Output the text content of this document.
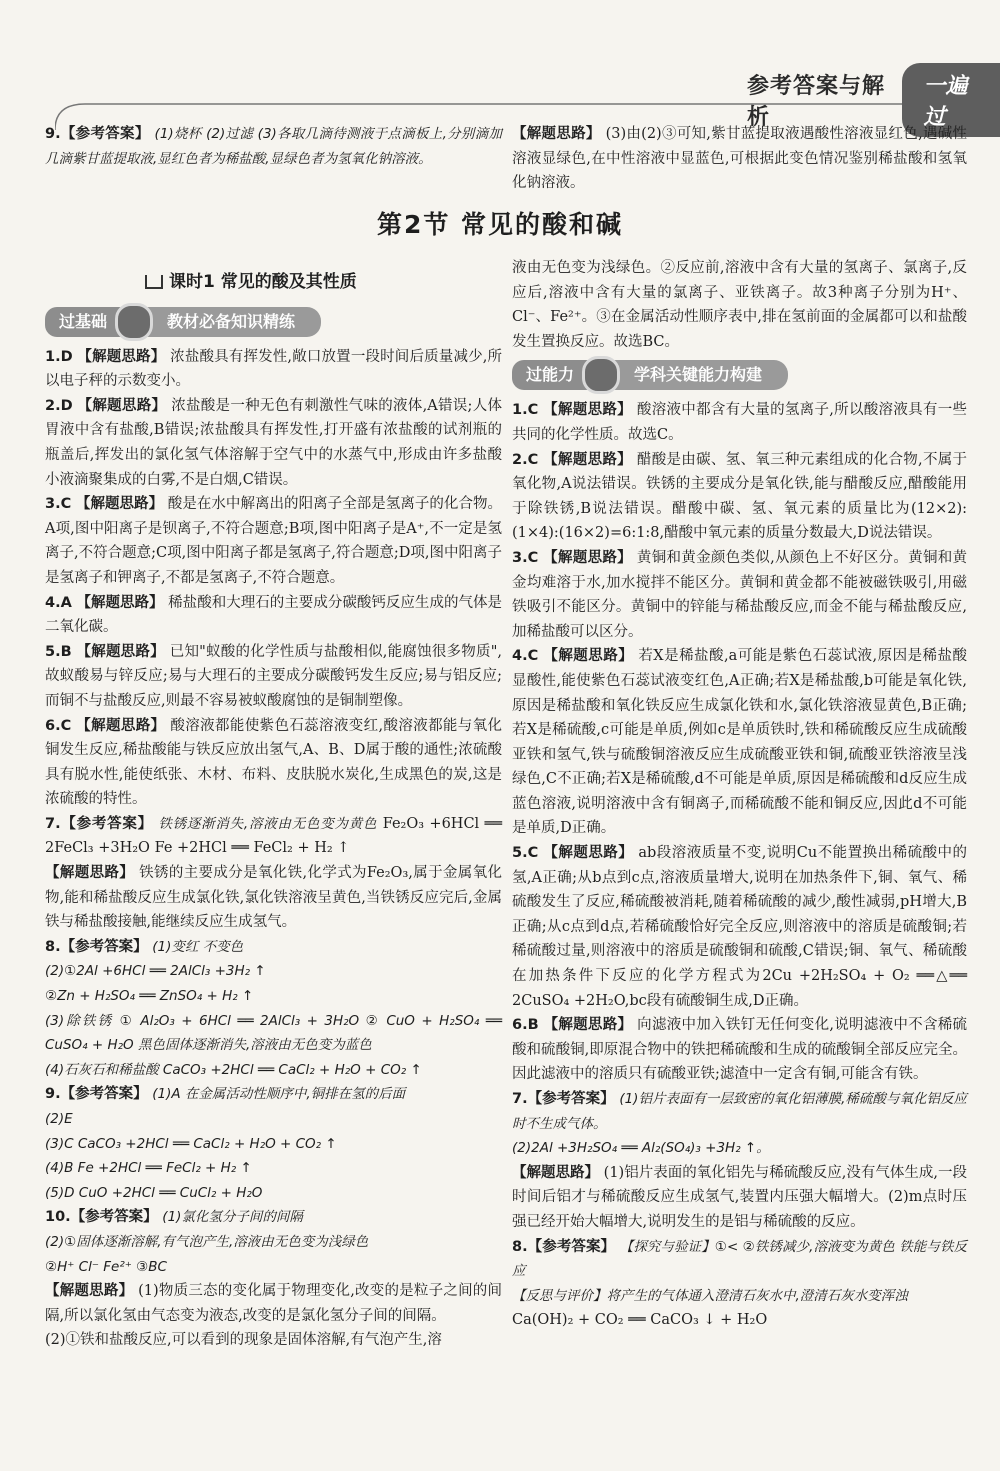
参考答案与解析
一遍过

9.【参考答案】 (1)烧杯 (2)过滤 (3)各取几滴待测液于点滴板上,分别滴加几滴紫甘蓝提取液,显红色者为稀盐酸,显绿色者为氢氧化钠溶液。

【解题思路】 (3)由(2)③可知,紫甘蓝提取液遇酸性溶液显红色,遇碱性溶液显绿色,在中性溶液中显蓝色,可根据此变色情况鉴别稀盐酸和氢氧化钠溶液。

第2节 常见的酸和碱
课时1 常见的酸及其性质
过基础	教材必备知识精练

1.D 【解题思路】 浓盐酸具有挥发性,敞口放置一段时间后质量减少,所以电子秤的示数变小。

2.D 【解题思路】 浓盐酸是一种无色有刺激性气味的液体,A错误;人体胃液中含有盐酸,B错误;浓盐酸具有挥发性,打开盛有浓盐酸的试剂瓶的瓶盖后,挥发出的氯化氢气体溶解于空气中的水蒸气中,形成由许多盐酸小液滴聚集成的白雾,不是白烟,C错误。

3.C 【解题思路】 酸是在水中解离出的阳离子全部是氢离子的化合物。A项,图中阳离子是钡离子,不符合题意;B项,图中阳离子是A⁺,不一定是氢离子,不符合题意;C项,图中阳离子都是氢离子,符合题意;D项,图中阳离子是氢离子和钾离子,不都是氢离子,不符合题意。

4.A 【解题思路】 稀盐酸和大理石的主要成分碳酸钙反应生成的气体是二氧化碳。

5.B 【解题思路】 已知"蚁酸的化学性质与盐酸相似,能腐蚀很多物质",故蚁酸易与锌反应;易与大理石的主要成分碳酸钙发生反应;易与铝反应;而铜不与盐酸反应,则最不容易被蚁酸腐蚀的是铜制塑像。

6.C 【解题思路】 酸溶液都能使紫色石蕊溶液变红,酸溶液都能与氧化铜发生反应,稀盐酸能与铁反应放出氢气,A、B、D属于酸的通性;浓硫酸具有脱水性,能使纸张、木材、布料、皮肤脱水炭化,生成黑色的炭,这是浓硫酸的特性。

7.【参考答案】 铁锈逐渐消失,溶液由无色变为黄色 Fe₂O₃ +6HCl ══ 2FeCl₃ +3H₂O Fe +2HCl ══ FeCl₂ + H₂ ↑
【解题思路】 铁锈的主要成分是氧化铁,化学式为Fe₂O₃,属于金属氧化物,能和稀盐酸反应生成氯化铁,氯化铁溶液呈黄色,当铁锈反应完后,金属铁与稀盐酸接触,能继续反应生成氢气。

8.【参考答案】 (1)变红 不变色
(2)①2Al +6HCl ══ 2AlCl₃ +3H₂ ↑
②Zn + H₂SO₄ ══ ZnSO₄ + H₂ ↑
(3)除铁锈 ① Al₂O₃ + 6HCl ══ 2AlCl₃ + 3H₂O ② CuO + H₂SO₄ ══ CuSO₄ + H₂O 黑色固体逐渐消失,溶液由无色变为蓝色
(4)石灰石和稀盐酸 CaCO₃ +2HCl ══ CaCl₂ + H₂O + CO₂ ↑

9.【参考答案】 (1)A 在金属活动性顺序中,铜排在氢的后面
(2)E
(3)C CaCO₃ +2HCl ══ CaCl₂ + H₂O + CO₂ ↑
(4)B Fe +2HCl ══ FeCl₂ + H₂ ↑
(5)D CuO +2HCl ══ CuCl₂ + H₂O

10.【参考答案】 (1)氯化氢分子间的间隔
(2)①固体逐渐溶解,有气泡产生,溶液由无色变为浅绿色
②H⁺ Cl⁻ Fe²⁺ ③BC
【解题思路】 (1)物质三态的变化属于物理变化,改变的是粒子之间的间隔,所以氯化氢由气态变为液态,改变的是氯化氢分子间的间隔。
(2)①铁和盐酸反应,可以看到的现象是固体溶解,有气泡产生,溶

液由无色变为浅绿色。②反应前,溶液中含有大量的氢离子、氯离子,反应后,溶液中含有大量的氯离子、亚铁离子。故3种离子分别为H⁺、Cl⁻、Fe²⁺。③在金属活动性顺序表中,排在氢前面的金属都可以和盐酸发生置换反应。故选BC。

过能力	学科关键能力构建

1.C 【解题思路】 酸溶液中都含有大量的氢离子,所以酸溶液具有一些共同的化学性质。故选C。

2.C 【解题思路】 醋酸是由碳、氢、氧三种元素组成的化合物,不属于氧化物,A说法错误。铁锈的主要成分是氧化铁,能与醋酸反应,醋酸能用于除铁锈,B说法错误。醋酸中碳、氢、氧元素的质量比为(12×2):(1×4):(16×2)=6:1:8,醋酸中氧元素的质量分数最大,D说法错误。

3.C 【解题思路】 黄铜和黄金颜色类似,从颜色上不好区分。黄铜和黄金均难溶于水,加水搅拌不能区分。黄铜和黄金都不能被磁铁吸引,用磁铁吸引不能区分。黄铜中的锌能与稀盐酸反应,而金不能与稀盐酸反应,加稀盐酸可以区分。

4.C 【解题思路】 若X是稀盐酸,a可能是紫色石蕊试液,原因是稀盐酸显酸性,能使紫色石蕊试液变红色,A正确;若X是稀盐酸,b可能是氧化铁,原因是稀盐酸和氧化铁反应生成氯化铁和水,氯化铁溶液显黄色,B正确;若X是稀硫酸,c可能是单质,例如c是单质铁时,铁和稀硫酸反应生成硫酸亚铁和氢气,铁与硫酸铜溶液反应生成硫酸亚铁和铜,硫酸亚铁溶液呈浅绿色,C不正确;若X是稀硫酸,d不可能是单质,原因是稀硫酸和d反应生成蓝色溶液,说明溶液中含有铜离子,而稀硫酸不能和铜反应,因此d不可能是单质,D正确。

5.C 【解题思路】 ab段溶液质量不变,说明Cu不能置换出稀硫酸中的氢,A正确;从b点到c点,溶液质量增大,说明在加热条件下,铜、氧气、稀硫酸发生了反应,稀硫酸被消耗,随着稀硫酸的减少,酸性减弱,pH增大,B正确;从c点到d点,若稀硫酸恰好完全反应,则溶液中的溶质是硫酸铜;若稀硫酸过量,则溶液中的溶质是硫酸铜和硫酸,C错误;铜、氧气、稀硫酸在加热条件下反应的化学方程式为2Cu +2H₂SO₄ + O₂ ══△══ 2CuSO₄ +2H₂O,bc段有硫酸铜生成,D正确。

6.B 【解题思路】 向滤液中加入铁钉无任何变化,说明滤液中不含稀硫酸和硫酸铜,即原混合物中的铁把稀硫酸和生成的硫酸铜全部反应完全。因此滤液中的溶质只有硫酸亚铁;滤渣中一定含有铜,可能含有铁。

7.【参考答案】 (1)铝片表面有一层致密的氧化铝薄膜,稀硫酸与氧化铝反应时不生成气体。
(2)2Al +3H₂SO₄ ══ Al₂(SO₄)₃ +3H₂ ↑。
【解题思路】 (1)铝片表面的氧化铝先与稀硫酸反应,没有气体生成,一段时间后铝才与稀硫酸反应生成氢气,装置内压强大幅增大。(2)m点时压强已经开始大幅增大,说明发生的是铝与稀硫酸的反应。

8.【参考答案】 【探究与验证】①< ②铁锈减少,溶液变为黄色 铁能与铁反应
【反思与评价】将产生的气体通入澄清石灰水中,澄清石灰水变浑浊
Ca(OH)₂ + CO₂ ══ CaCO₃ ↓ + H₂O
